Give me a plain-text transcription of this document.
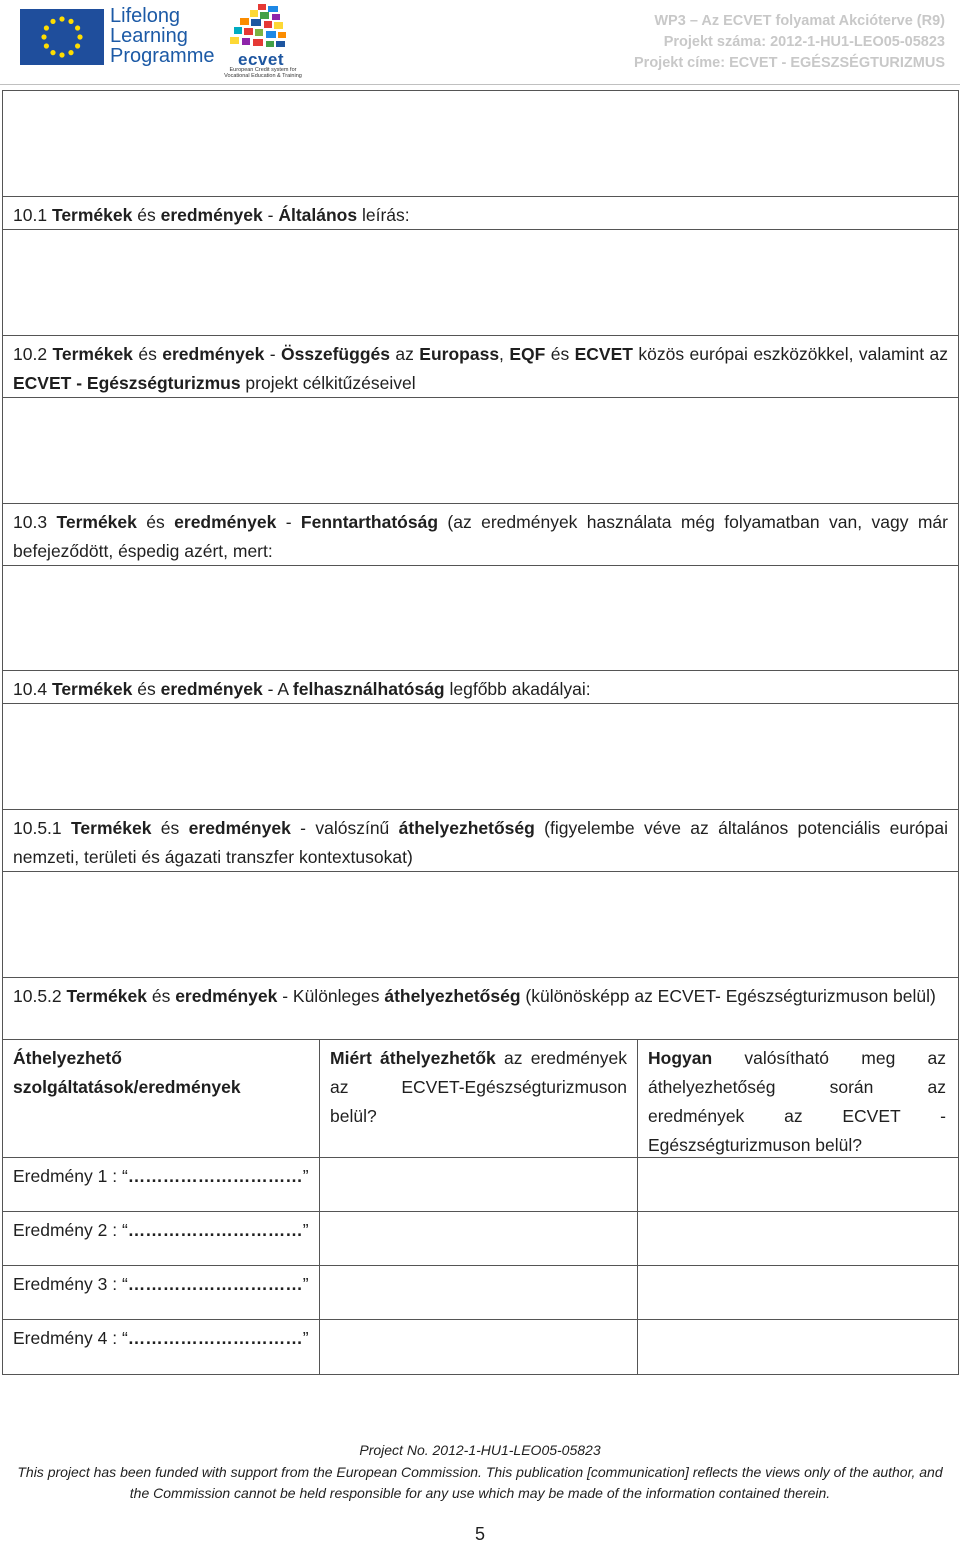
Lifelong
Learning
Programme	ecvet
European Credit system for
Vocational Education & Training
WP3 – Az ECVET folyamat Akcióterve (R9)
Projekt száma: 2012-1-HU1-LEO05-05823
Projekt címe: ECVET - EGÉSZSÉGTURIZMUS
10.1 Termékek és eredmények - Általános leírás:
10.2 Termékek és eredmények - Összefüggés az Europass, EQF és ECVET közös európai eszközökkel, valamint az ECVET - Egészségturizmus projekt célkitűzéseivel
10.3 Termékek és eredmények - Fenntarthatóság (az eredmények használata még folyamatban van, vagy már befejeződött, éspedig azért, mert:
10.4 Termékek és eredmények - A felhasználhatóság legfőbb akadályai:
10.5.1 Termékek és eredmények - valószínű áthelyezhetőség (figyelembe véve az általános potenciális európai nemzeti, területi és ágazati transzfer kontextusokat)
10.5.2 Termékek és eredmények - Különleges áthelyezhetőség (különösképp az ECVET- Egészségturizmuson belül)
Áthelyezhető szolgáltatások/eredmények
Miért áthelyezhetők az eredmények az ECVET-Egészségturizmuson belül?
Hogyan valósítható meg az áthelyezhetőség során az eredmények az ECVET - Egészségturizmuson belül?
Eredmény 1 : “…………………………”
Eredmény 2 : “…………………………”
Eredmény 3 : “…………………………”
Eredmény 4 : “…………………………”
Project No. 2012-1-HU1-LEO05-05823
This project has been funded with support from the European Commission. This publication [communication] reflects the views only of the author, and
the Commission cannot be held responsible for any use which may be made of the information contained therein.
5
